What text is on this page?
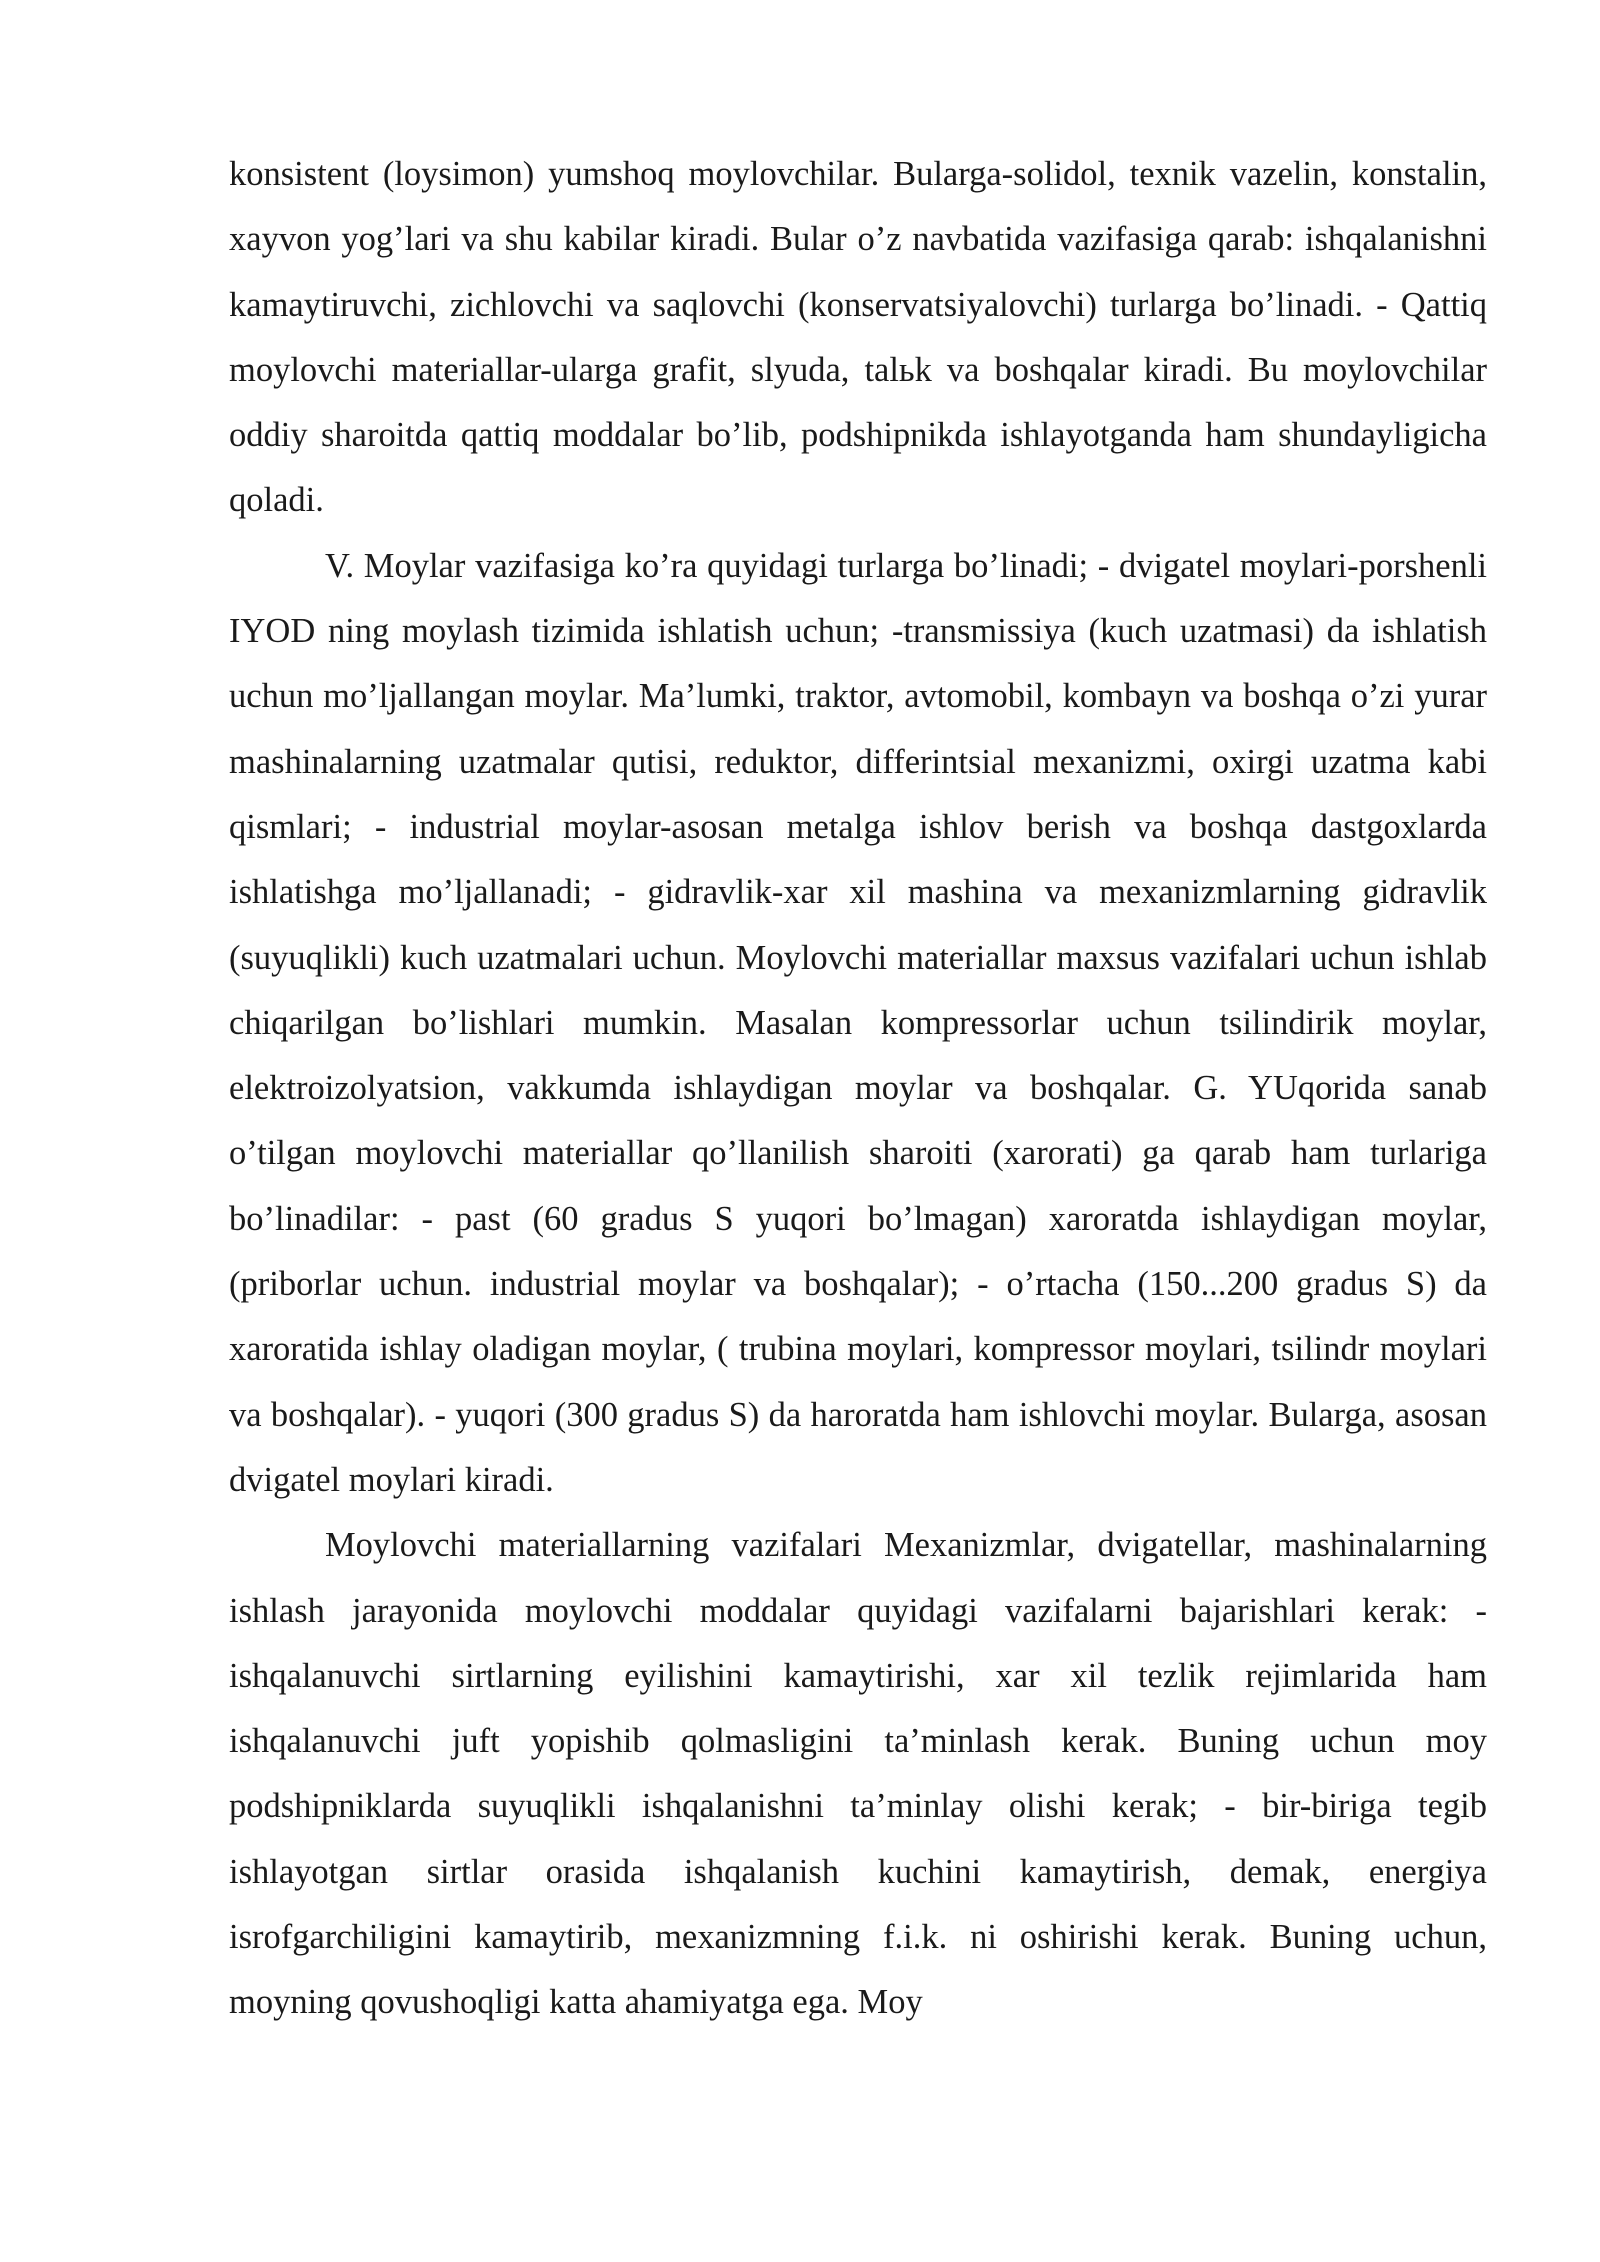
konsistent (loysimon) yumshoq moylovchilar. Bularga-solidol, texnik vazelin, konstalin, xayvon yog’lari va shu kabilar kiradi. Bular o’z navbatida vazifasiga qarab: ishqalanishni kamaytiruvchi, zichlovchi va saqlovchi (konservatsiyalovchi) turlarga bo’linadi. - Qattiq moylovchi materiallar-ularga grafit, slyuda, talьk va boshqalar kiradi. Bu moylovchilar oddiy sharoitda qattiq moddalar bo’lib, podshipnikda ishlayotganda ham shundayligicha qoladi.

V. Moylar vazifasiga ko’ra quyidagi turlarga bo’linadi; - dvigatel moylari-porshenli IYOD ning moylash tizimida ishlatish uchun; -transmissiya (kuch uzatmasi) da ishlatish uchun mo’ljallangan moylar. Ma’lumki, traktor, avtomobil, kombayn va boshqa o’zi yurar mashinalarning uzatmalar qutisi, reduktor, differintsial mexanizmi, oxirgi uzatma kabi qismlari; - industrial moylar-asosan metalga ishlov berish va boshqa dastgoxlarda ishlatishga mo’ljallanadi; - gidravlik-xar xil mashina va mexanizmlarning gidravlik (suyuqlikli) kuch uzatmalari uchun. Moylovchi materiallar maxsus vazifalari uchun ishlab chiqarilgan bo’lishlari mumkin. Masalan kompressorlar uchun tsilindirik moylar, elektroizolyatsion, vakkumda ishlaydigan moylar va boshqalar. G. YUqorida sanab o’tilgan moylovchi materiallar qo’llanilish sharoiti (xarorati) ga qarab ham turlariga bo’linadilar: - past (60 gradus S yuqori bo’lmagan) xaroratda ishlaydigan moylar, (priborlar uchun. industrial moylar va boshqalar); - o’rtacha (150...200 gradus S) da xaroratida ishlay oladigan moylar, ( trubina moylari, kompressor moylari, tsilindr moylari va boshqalar). - yuqori (300 gradus S) da haroratda ham ishlovchi moylar. Bularga, asosan dvigatel moylari kiradi.

Moylovchi materiallarning vazifalari Mexanizmlar, dvigatellar, mashinalarning ishlash jarayonida moylovchi moddalar quyidagi vazifalarni bajarishlari kerak: - ishqalanuvchi sirtlarning eyilishini kamaytirishi, xar xil tezlik rejimlarida ham ishqalanuvchi juft yopishib qolmasligini ta’minlash kerak. Buning uchun moy podshipniklarda suyuqlikli ishqalanishni ta’minlay olishi kerak; - bir-biriga tegib ishlayotgan sirtlar orasida ishqalanish kuchini kamaytirish, demak, energiya isrofgarchiligini kamaytirib, mexanizmning f.i.k. ni oshirishi kerak. Buning uchun, moyning qovushoqligi katta ahamiyatga ega. Moy
